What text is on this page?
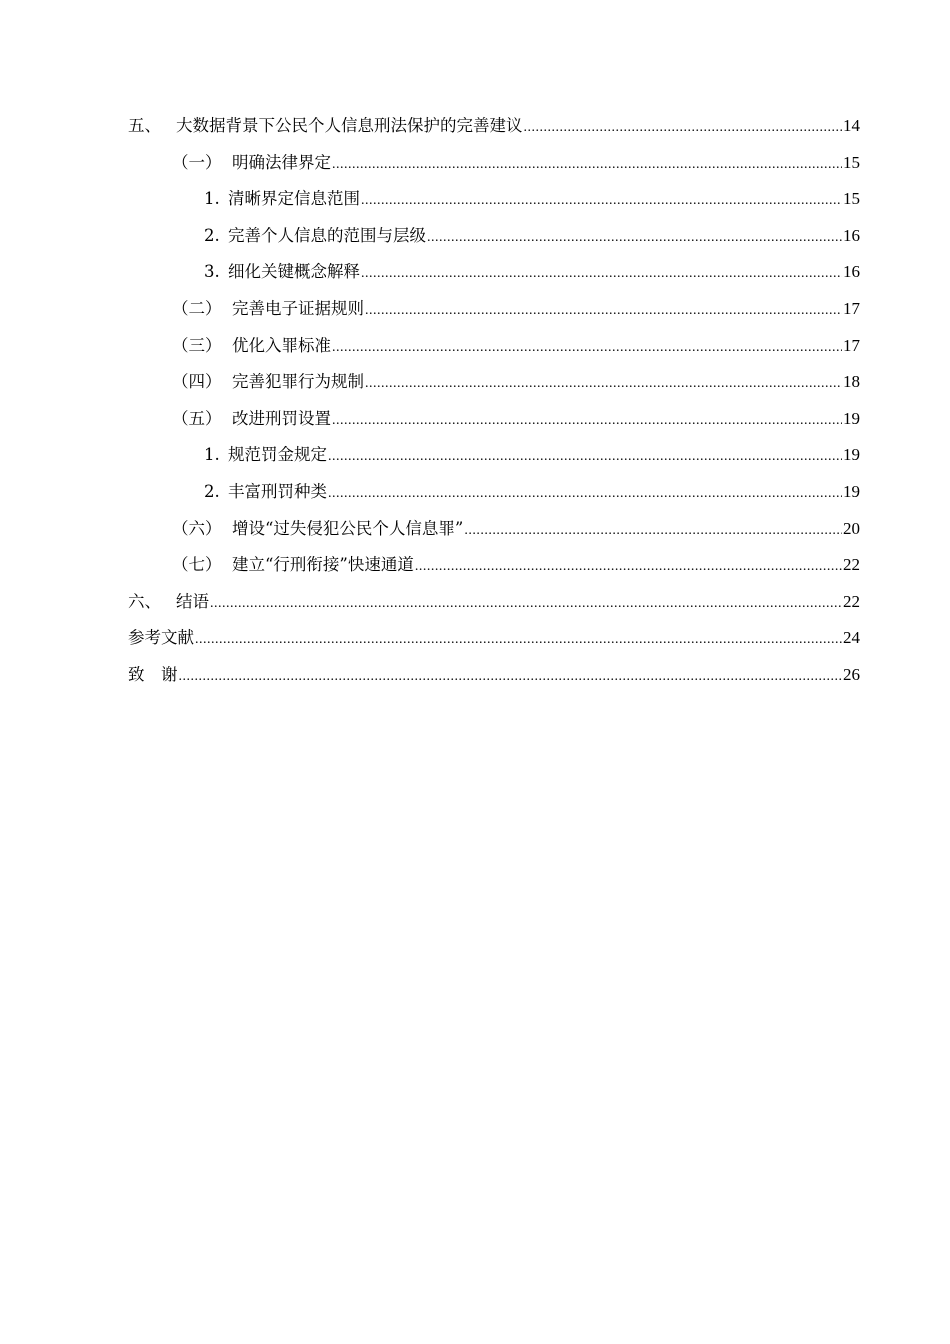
五、 大数据背景下公民个人信息刑法保护的完善建议 .....	14
（一） 明确法律界定 .....	15
1. 清晰界定信息范围 .....	15
2. 完善个人信息的范围与层级 .....	16
3. 细化关键概念解释 .....	16
（二） 完善电子证据规则 .....	17
（三） 优化入罪标准 .....	17
（四） 完善犯罪行为规制 .....	18
（五） 改进刑罚设置 .....	19
1. 规范罚金规定 .....	19
2. 丰富刑罚种类 .....	19
（六） 增设“过失侵犯公民个人信息罪” .....	20
（七） 建立“行刑衔接”快速通道 .....	22
六、 结语 .....	22
参考文献 .....	24
致　谢 .....	26
